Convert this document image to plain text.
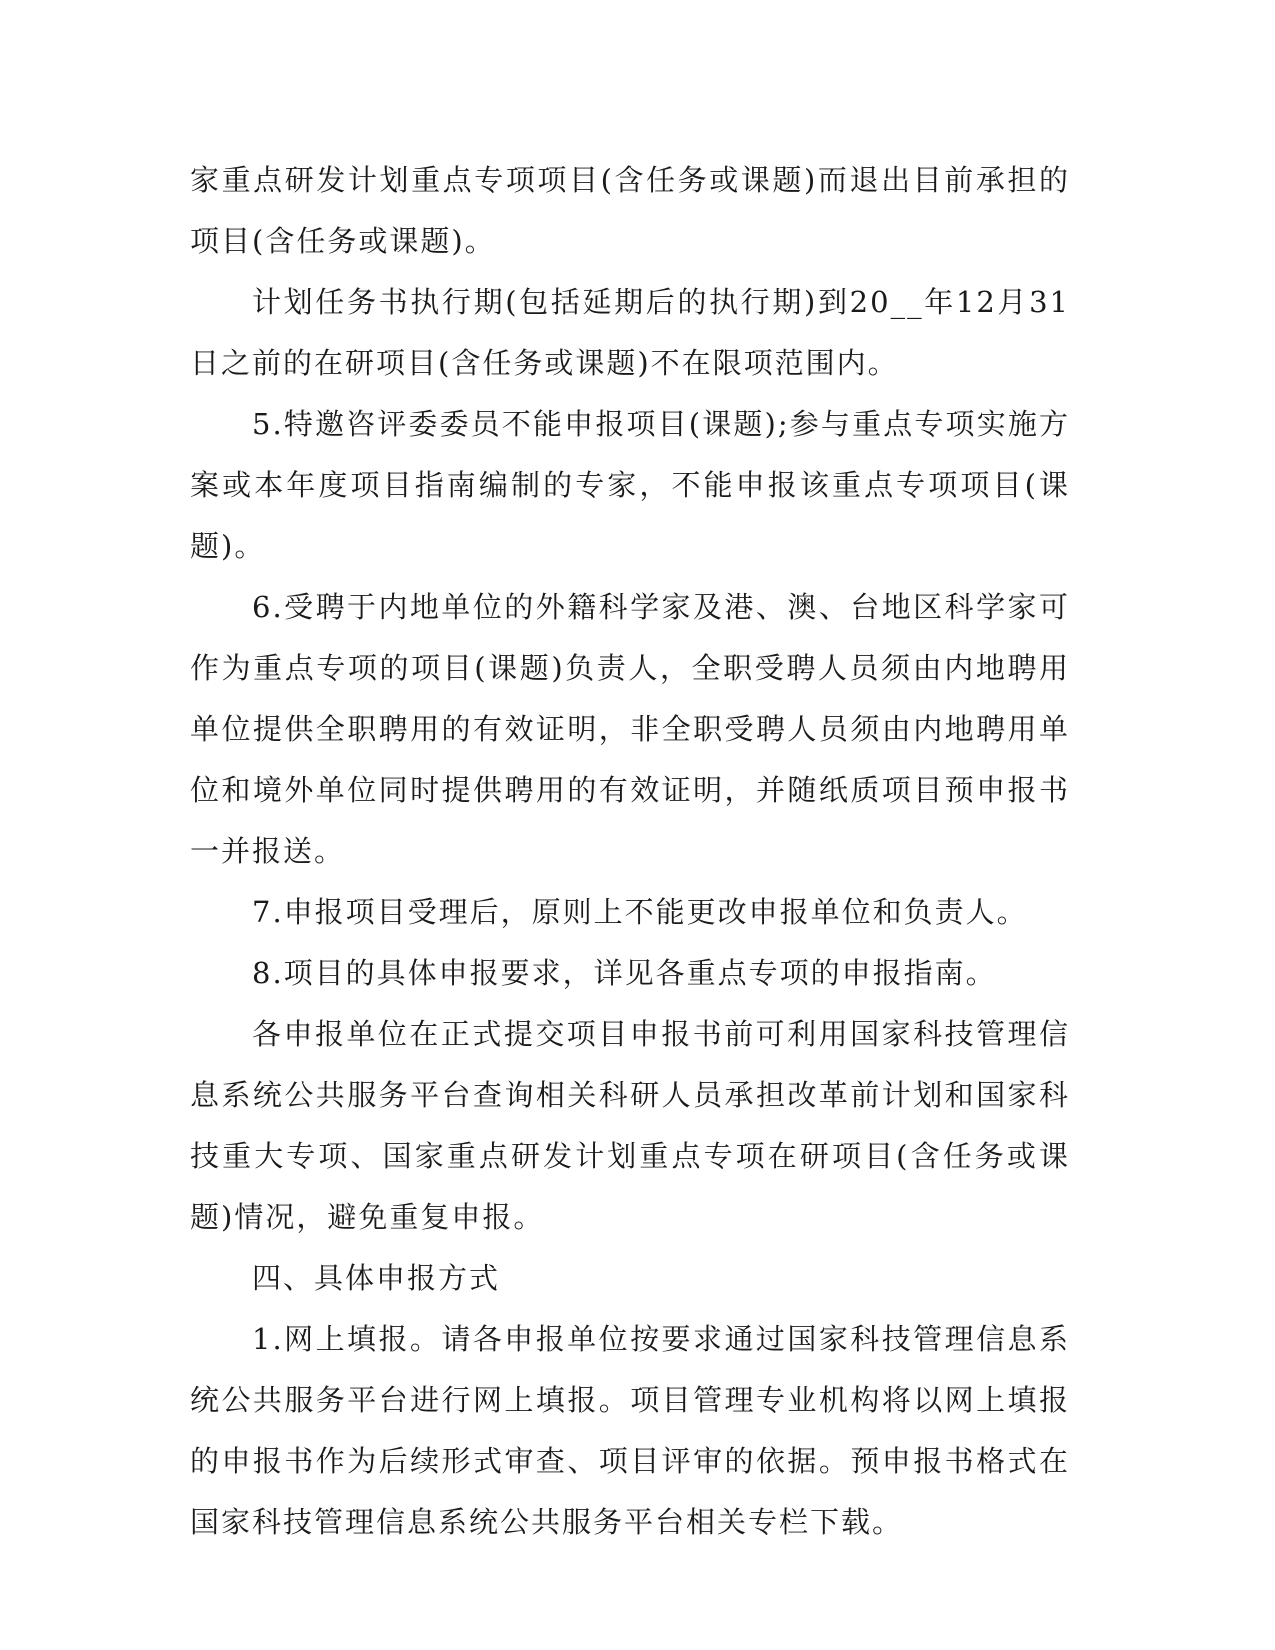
家重点研发计划重点专项项目(含任务或课题)而退出目前承担的项目(含任务或课题)。

计划任务书执行期(包括延期后的执行期)到20__年12月31日之前的在研项目(含任务或课题)不在限项范围内。

5.特邀咨评委委员不能申报项目(课题);参与重点专项实施方案或本年度项目指南编制的专家，不能申报该重点专项项目(课题)。

6.受聘于内地单位的外籍科学家及港、澳、台地区科学家可作为重点专项的项目(课题)负责人，全职受聘人员须由内地聘用单位提供全职聘用的有效证明，非全职受聘人员须由内地聘用单位和境外单位同时提供聘用的有效证明，并随纸质项目预申报书一并报送。

7.申报项目受理后，原则上不能更改申报单位和负责人。

8.项目的具体申报要求，详见各重点专项的申报指南。

各申报单位在正式提交项目申报书前可利用国家科技管理信息系统公共服务平台查询相关科研人员承担改革前计划和国家科技重大专项、国家重点研发计划重点专项在研项目(含任务或课题)情况，避免重复申报。

四、具体申报方式

1.网上填报。请各申报单位按要求通过国家科技管理信息系统公共服务平台进行网上填报。项目管理专业机构将以网上填报的申报书作为后续形式审查、项目评审的依据。预申报书格式在国家科技管理信息系统公共服务平台相关专栏下载。
